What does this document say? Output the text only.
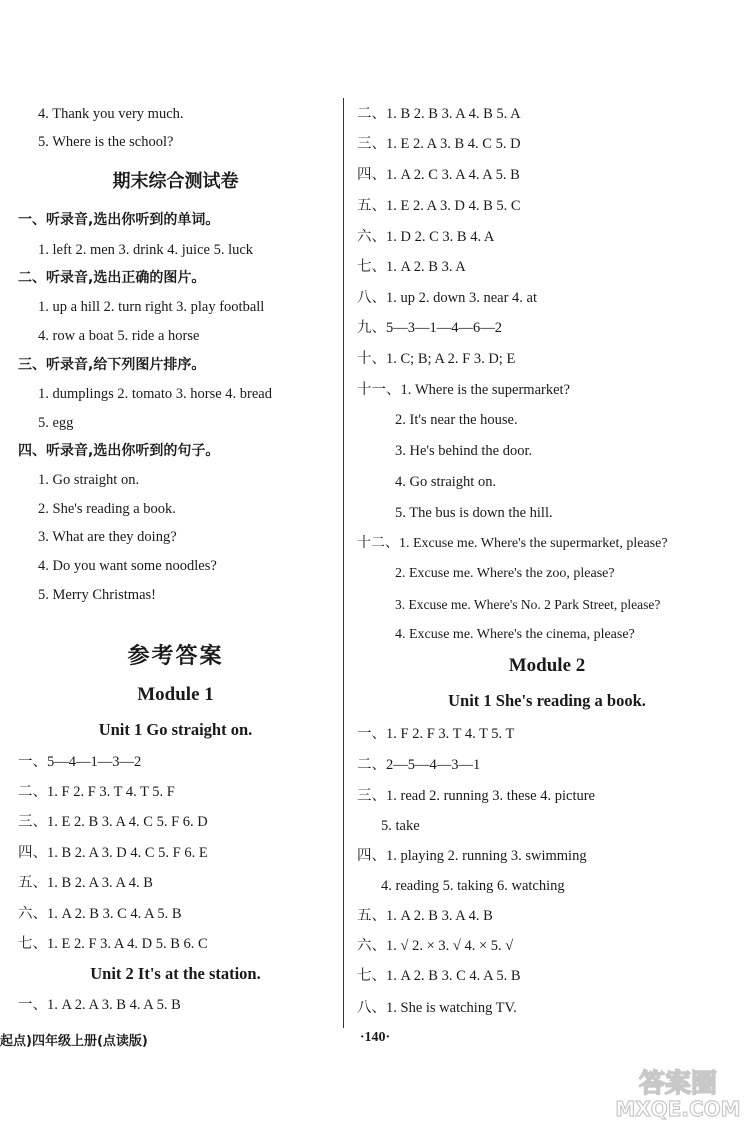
4. Thank you very much.
5. Where is the school?
期末综合测试卷
一、听录音,选出你听到的单词。
1. left 2. men 3. drink 4. juice 5. luck
二、听录音,选出正确的图片。
1. up a hill 2. turn right 3. play football
4. row a boat 5. ride a horse
三、听录音,给下列图片排序。
1. dumplings 2. tomato 3. horse 4. bread
5. egg
四、听录音,选出你听到的句子。
1. Go straight on.
2. She's reading a book.
3. What are they doing?
4. Do you want some noodles?
5. Merry Christmas!
参考答案
Module 1
Unit 1 Go straight on.
一、5—4—1—3—2
二、1. F 2. F 3. T 4. T 5. F
三、1. E 2. B 3. A 4. C 5. F 6. D
四、1. B 2. A 3. D 4. C 5. F 6. E
五、1. B 2. A 3. A 4. B
六、1. A 2. B 3. C 4. A 5. B
七、1. E 2. F 3. A 4. D 5. B 6. C
Unit 2 It's at the station.
一、1. A 2. A 3. B 4. A 5. B
二、1. B 2. B 3. A 4. B 5. A
三、1. E 2. A 3. B 4. C 5. D
四、1. A 2. C 3. A 4. A 5. B
五、1. E 2. A 3. D 4. B 5. C
六、1. D 2. C 3. B 4. A
七、1. A 2. B 3. A
八、1. up 2. down 3. near 4. at
九、5—3—1—4—6—2
十、1. C; B; A 2. F 3. D; E
十一、1. Where is the supermarket?
2. It's near the house.
3. He's behind the door.
4. Go straight on.
5. The bus is down the hill.
十二、1. Excuse me. Where's the supermarket, please?
2. Excuse me. Where's the zoo, please?
3. Excuse me. Where's No. 2 Park Street, please?
4. Excuse me. Where's the cinema, please?
Module 2
Unit 1 She's reading a book.
一、1. F 2. F 3. T 4. T 5. T
二、2—5—4—3—1
三、1. read 2. running 3. these 4. picture
5. take
四、1. playing 2. running 3. swimming
4. reading 5. taking 6. watching
五、1. A 2. B 3. A 4. B
六、1. √ 2. × 3. √ 4. × 5. √
七、1. A 2. B 3. C 4. A 5. B
八、1. She is watching TV.
起点)四年级上册(点读版)	·140·
答案圈
MXQE.COM
